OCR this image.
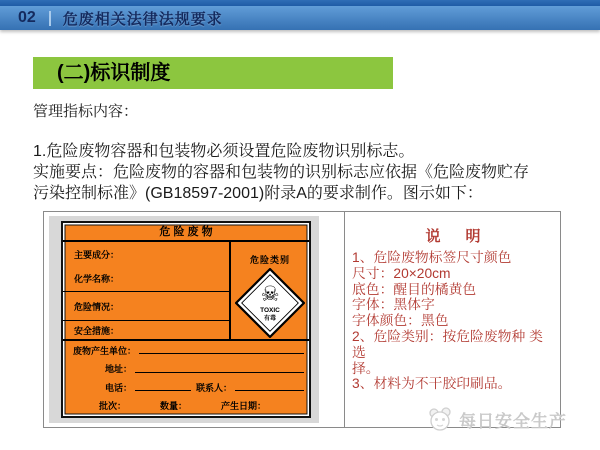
02 危废相关法律法规要求
(二)标识制度
管理指标内容：
1.危险废物容器和包装物必须设置危险废物识别标志。
实施要点：危险废物的容器和包装物的识别标志应依据《危险废物贮存
污染控制标准》(GB18597-2001)附录A的要求制作。图示如下：
危 险 废 物
主要成分：
化学名称：
危险情况：
安全措施：
危险类别
☠
TOXIC
有毒
废物产生单位：
地址：
电话：	联系人：
批次：	数量：	产生日期：
说      明
1、危险废物标签尺寸颜色
尺寸：20×20cm
底色：醒目的橘黄色
字体：黑体字
字体颜色：黑色
2、危险类别：按危险废物种 类选
择。
3、材料为不干胶印刷品。
每日安全生产
